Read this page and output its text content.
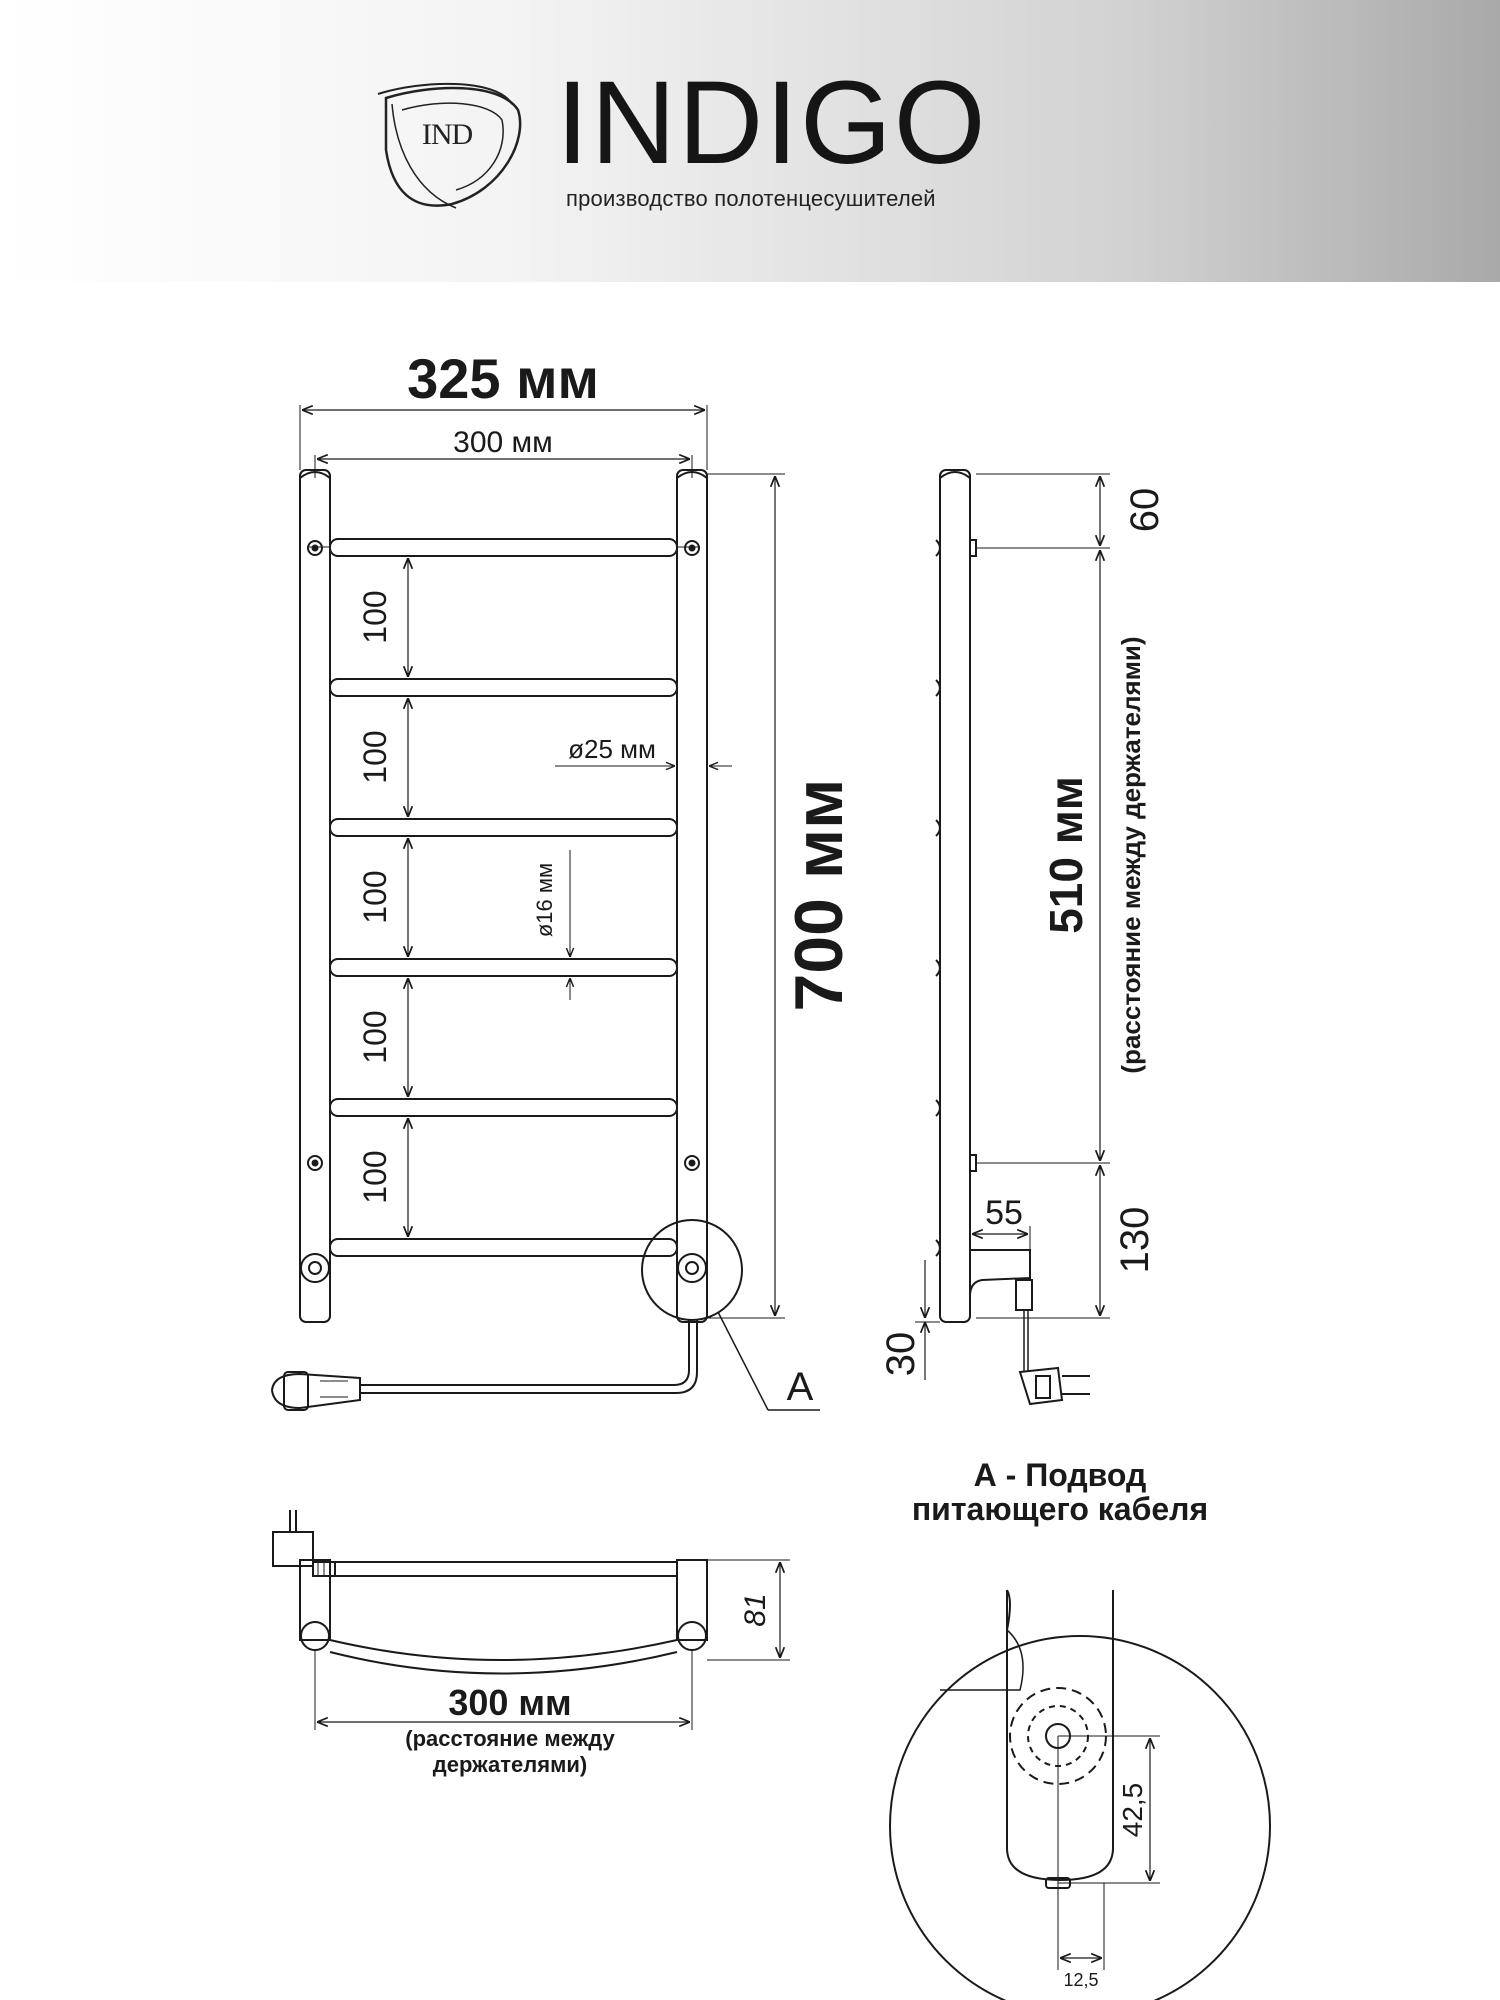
IND INDIGO
производство полотенцесушителей
325 мм
300 мм
700 мм
100
100
100
100
100
ø25 мм
ø16 мм
A
60
510 мм (расстояние между держателями)
130
55
30
81
300 мм
(расстояние между
держателями)
А - Подвод
питающего кабеля
42,5
12,5
